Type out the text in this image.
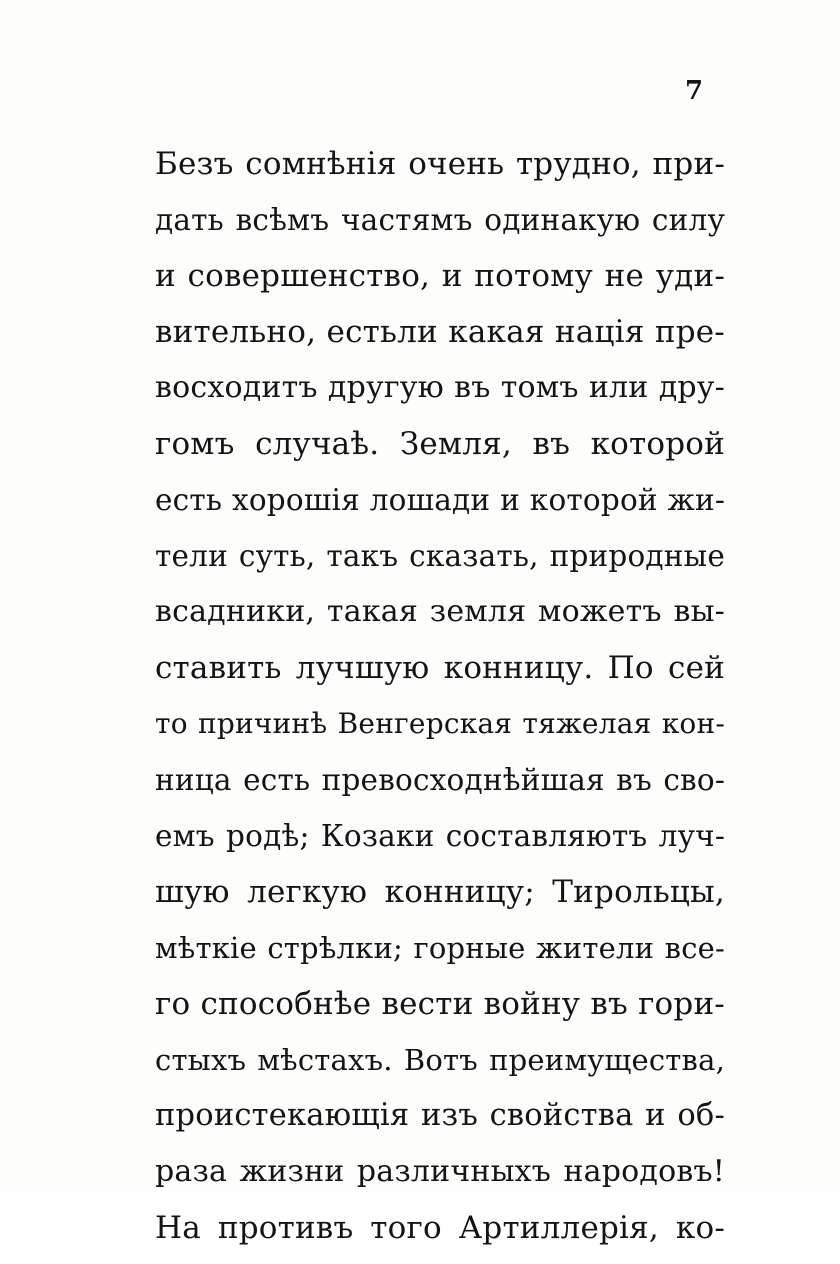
7
Безъ сомнѣнія очень трудно, при-
дать всѣмъ частямъ одинакую силу
и совершенство, и потому не уди-
вительно, естьли какая нація пре-
восходитъ другую въ томъ или дру-
гомъ случаѣ. Земля, въ которой
есть хорошія лошади и которой жи-
тели суть, такъ сказать, природные
всадники, такая земля можетъ вы-
ставить лучшую конницу. По сей
то причинѣ Венгерская тяжелая кон-
ница есть превосходнѣйшая въ сво-
емъ родѣ; Козаки составляютъ луч-
шую легкую конницу; Тирольцы,
мѣткіе стрѣлки; горные жители все-
го способнѣе вести войну въ гори-
стыхъ мѣстахъ. Вотъ преимущества,
проистекающія изъ свойства и об-
раза жизни различныхъ народовъ!
На противъ того Артиллерія, ко-
